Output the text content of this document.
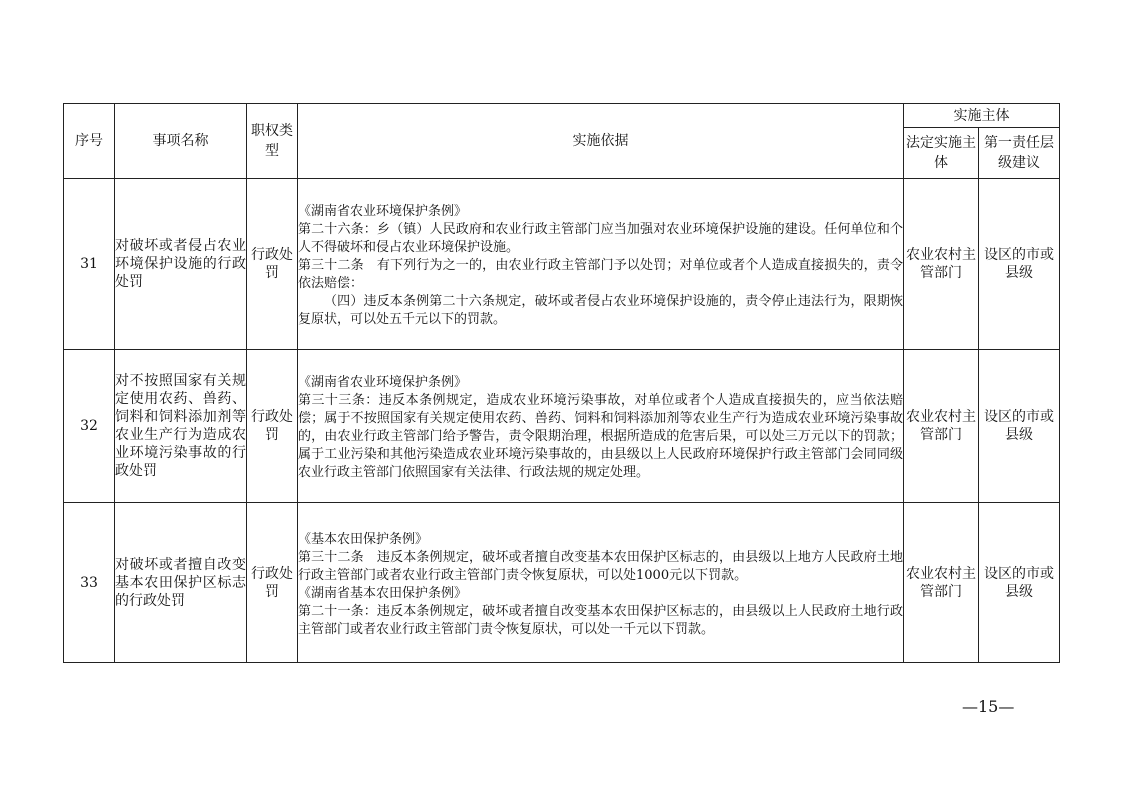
序号	事项名称	职权类型	实施依据	实施主体	
				法定实施主体	第一责任层级建议
31	对破坏或者侵占农业环境保护设施的行政处罚	行政处罚	《湖南省农业环境保护条例》

第二十六条：乡（镇）人民政府和农业行政主管部门应当加强对农业环境保护设施的建设。任何单位和个人不得破坏和侵占农业环境保护设施。

第三十二条　有下列行为之一的，由农业行政主管部门予以处罚；对单位或者个人造成直接损失的，责令依法赔偿：

（四）违反本条例第二十六条规定，破坏或者侵占农业环境保护设施的，责令停止违法行为，限期恢复原状，可以处五千元以下的罚款。	农业农村主管部门	设区的市或县级
32	对不按照国家有关规定使用农药、兽药、饲料和饲料添加剂等农业生产行为造成农业环境污染事故的行政处罚	行政处罚	《湖南省农业环境保护条例》

第三十三条：违反本条例规定，造成农业环境污染事故，对单位或者个人造成直接损失的，应当依法赔偿；属于不按照国家有关规定使用农药、兽药、饲料和饲料添加剂等农业生产行为造成农业环境污染事故的，由农业行政主管部门给予警告，责令限期治理，根据所造成的危害后果，可以处三万元以下的罚款；属于工业污染和其他污染造成农业环境污染事故的，由县级以上人民政府环境保护行政主管部门会同同级农业行政主管部门依照国家有关法律、行政法规的规定处理。	农业农村主管部门	设区的市或县级
33	对破坏或者擅自改变基本农田保护区标志的行政处罚	行政处罚	《基本农田保护条例》

第三十二条　违反本条例规定，破坏或者擅自改变基本农田保护区标志的，由县级以上地方人民政府土地行政主管部门或者农业行政主管部门责令恢复原状，可以处1000元以下罚款。

《湖南省基本农田保护条例》

第二十一条：违反本条例规定，破坏或者擅自改变基本农田保护区标志的，由县级以上人民政府土地行政主管部门或者农业行政主管部门责令恢复原状，可以处一千元以下罚款。	农业农村主管部门	设区的市或县级
—15—
